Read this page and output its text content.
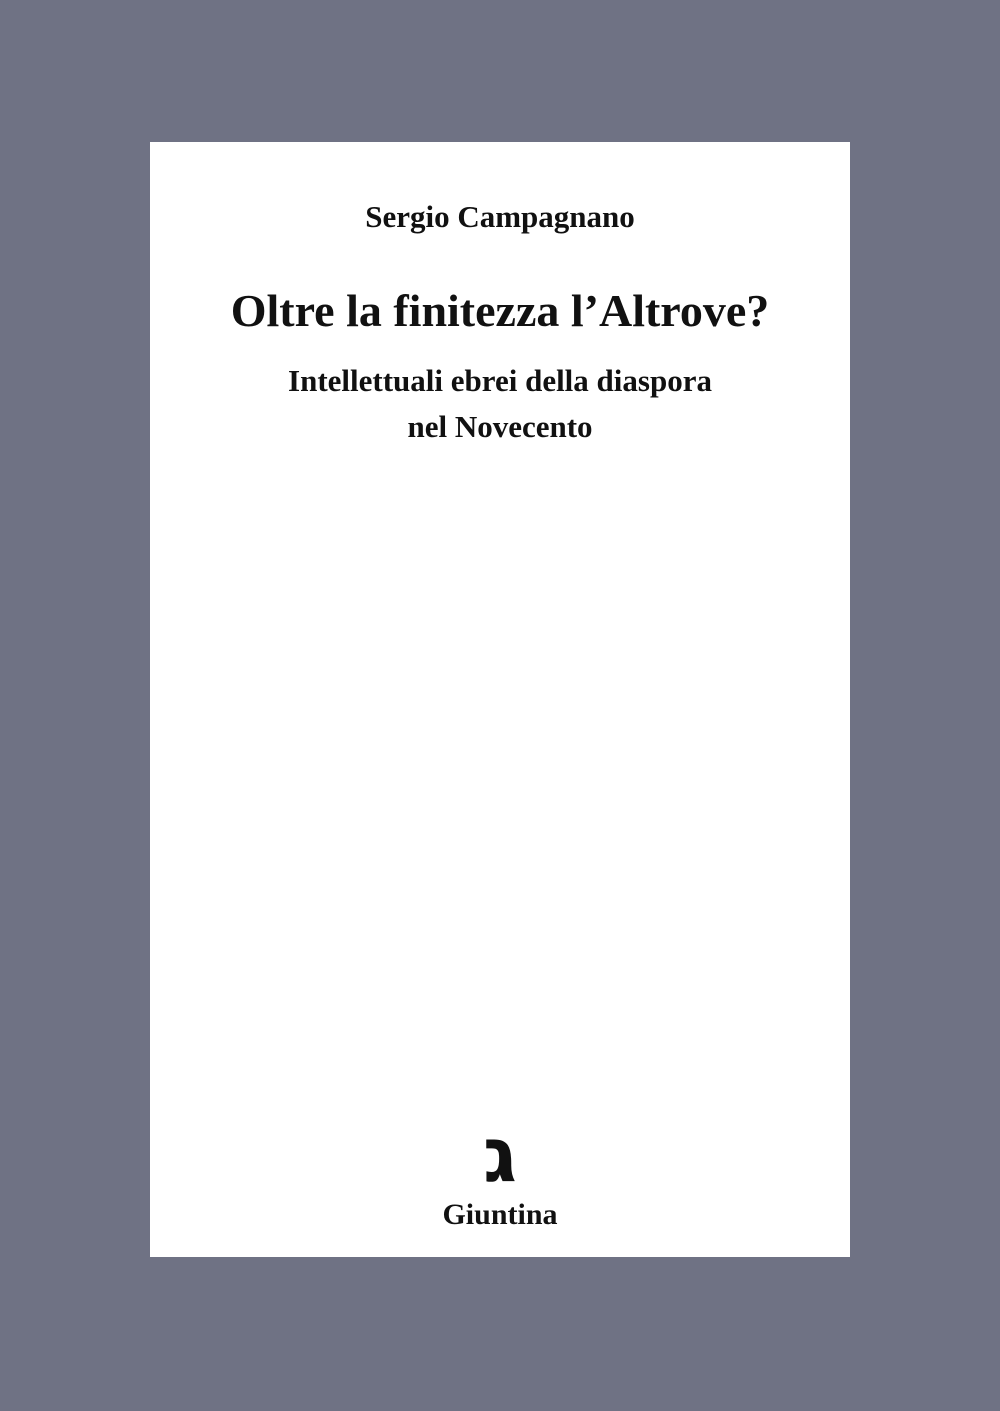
Sergio Campagnano
Oltre la finitezza l’Altrove?
Intellettuali ebrei della diaspora
nel Novecento
ג
Giuntina
